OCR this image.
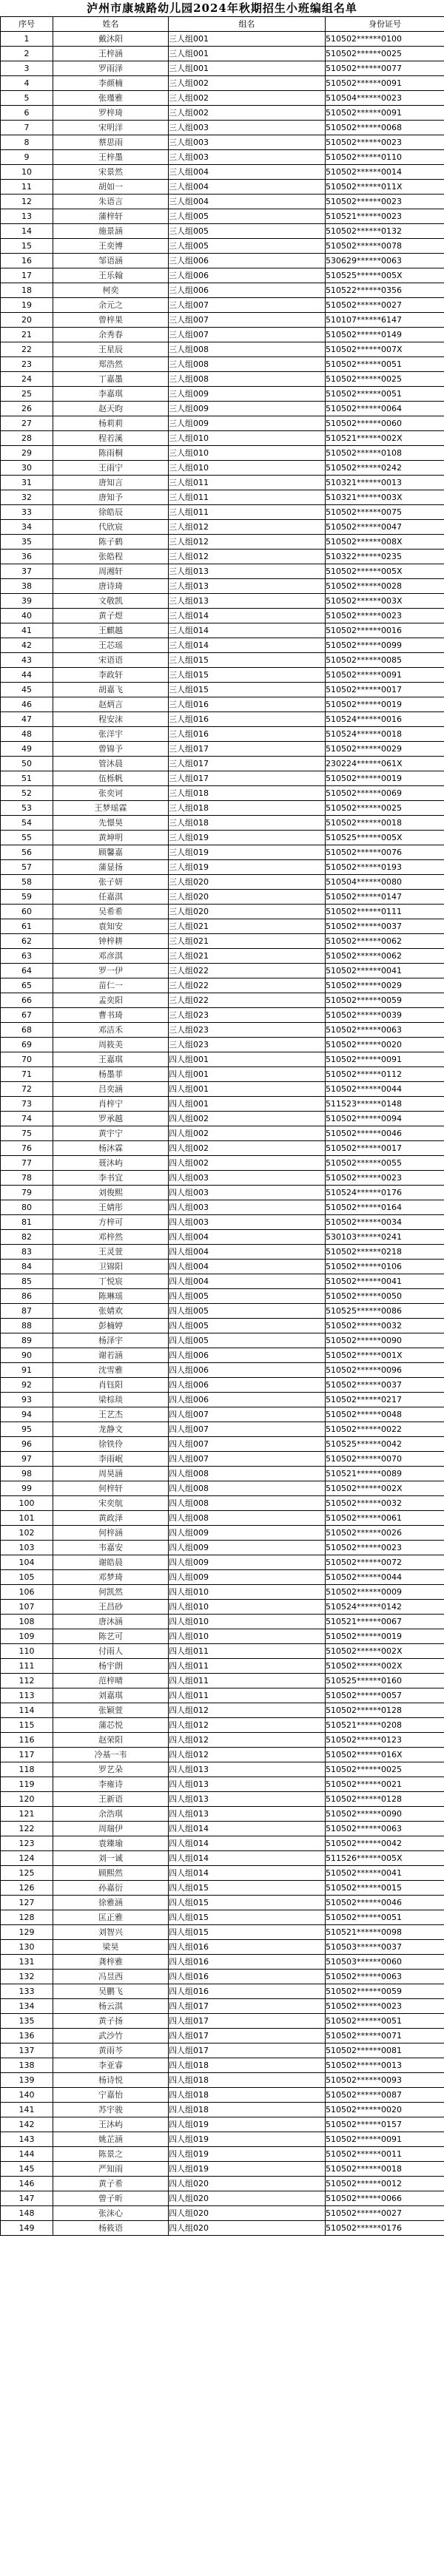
泸州市康城路幼儿园2024年秋期招生小班编组名单
序号	姓名	组名	身份证号
1	戴沐阳	三人组001	510502******0100
2	王梓涵	三人组001	510502******0025
3	罗雨泽	三人组001	510502******0077
4	李颜楠	三人组002	510502******0091
5	张瑾雅	三人组002	510504******0023
6	罗梓琦	三人组002	510502******0091
7	宋明洋	三人组003	510502******0068
8	蔡思雨	三人组003	510502******0023
9	王梓墨	三人组003	510502******0110
10	宋景然	三人组004	510502******0014
11	胡如一	三人组004	510502******011X
12	朱语言	三人组004	510502******0023
13	蒲梓轩	三人组005	510521******0023
14	施景涵	三人组005	510502******0132
15	王奕博	三人组005	510502******0078
16	邹语涵	三人组006	530629******0063
17	王乐翰	三人组006	510525******005X
18	柯奕	三人组006	510522******0356
19	余元之	三人组007	510502******0027
20	曾梓果	三人组007	510107******6147
21	余秀春	三人组007	510502******0149
22	王星辰	三人组008	510502******007X
23	郑浩然	三人组008	510502******0051
24	丁嘉墨	三人组008	510502******0025
25	李嘉琪	三人组009	510502******0051
26	赵天昀	三人组009	510502******0064
27	杨莉莉	三人组009	510502******0060
28	程若溪	三人组010	510521******002X
29	陈雨桐	三人组010	510502******0108
30	王雨宁	三人组010	510502******0242
31	唐知言	三人组011	510321******0013
32	唐知予	三人组011	510321******003X
33	徐皓辰	三人组011	510502******0075
34	代欣宸	三人组012	510502******0047
35	陈子鹤	三人组012	510502******008X
36	张皓程	三人组012	510322******0235
37	周湘轩	三人组013	510502******005X
38	唐诗琦	三人组013	510502******0028
39	文敬凯	三人组013	510502******003X
40	黄子煜	三人组014	510502******0023
41	王麒越	三人组014	510502******0016
42	王芯瑶	三人组014	510502******0099
43	宋语语	三人组015	510502******0085
44	李政轩	三人组015	510502******0091
45	胡嘉飞	三人组015	510502******0017
46	赵炳言	三人组016	510502******0019
47	程安沫	三人组016	510524******0016
48	张洋宇	三人组016	510524******0018
49	曾锦予	三人组017	510502******0029
50	管沐晨	三人组017	230224******061X
51	伍栎帆	三人组017	510502******0019
52	张奕诃	三人组018	510502******0069
53	王梦瑶霖	三人组018	510502******0025
54	先憬昊	三人组018	510502******0018
55	黄坤明	三人组019	510525******005X
56	顾馨嘉	三人组019	510502******0076
57	蒲显扬	三人组019	510502******0193
58	张子妍	三人组020	510504******0080
59	任嘉淇	三人组020	510502******0147
60	吴希希	三人组020	510502******0111
61	袁知安	三人组021	510502******0037
62	钟梓耕	三人组021	510502******0062
63	邓彦淇	三人组021	510502******0062
64	罗一伊	三人组022	510502******0041
65	苗仁一	三人组022	510502******0029
66	孟奕阳	三人组022	510502******0059
67	曹书琦	三人组023	510502******0039
68	邓洁禾	三人组023	510502******0063
69	周筱美	三人组023	510502******0020
70	王嘉琪	四人组001	510502******0091
71	杨墨菲	四人组001	510502******0112
72	吕奕涵	四人组001	510502******0044
73	肖梓宁	四人组001	511523******0148
74	罗承越	四人组002	510502******0094
75	黄宇宁	四人组002	510502******0046
76	杨沐霖	四人组002	510502******0017
77	聂沐屿	四人组002	510502******0055
78	李书宜	四人组003	510502******0023
79	刘俊熙	四人组003	510524******0176
80	王婧彤	四人组003	510502******0164
81	方梓可	四人组003	510502******0034
82	邓梓然	四人组004	530103******0241
83	王灵萱	四人组004	510502******0218
84	卫锦阳	四人组004	510502******0106
85	丁悦宸	四人组004	510502******0041
86	陈琳瑶	四人组005	510502******0050
87	张婧欢	四人组005	510525******0086
88	彭楠婷	四人组005	510502******0032
89	杨泽宇	四人组005	510502******0090
90	谢若涵	四人组006	510502******001X
91	沈雪雅	四人组006	510502******0096
92	肖钰阳	四人组006	510502******0037
93	梁棕琰	四人组006	510502******0217
94	王艺杰	四人组007	510502******0048
95	龙静文	四人组007	510502******0022
96	徐铁伶	四人组007	510525******0042
97	李雨岷	四人组007	510502******0070
98	周昊涵	四人组008	510521******0089
99	何梓轩	四人组008	510502******002X
100	宋奕航	四人组008	510502******0032
101	黄政泽	四人组008	510502******0061
102	何梓涵	四人组009	510502******0026
103	韦嘉安	四人组009	510502******0023
104	谢皓晨	四人组009	510502******0072
105	邓梦琦	四人组009	510502******0044
106	何凯然	四人组010	510502******0009
107	王昌砂	四人组010	510524******0142
108	唐沐涵	四人组010	510521******0067
109	陈艺可	四人组010	510502******0019
110	付雨人	四人组011	510502******002X
111	杨宇朗	四人组011	510502******002X
112	范梓晴	四人组011	510525******0160
113	刘嘉琪	四人组011	510502******0057
114	张颖萱	四人组012	510502******0128
115	蒲芯悦	四人组012	510521******0208
116	赵荣阳	四人组012	510502******0123
117	冷基一韦	四人组012	510502******016X
118	罗艺朵	四人组013	510502******0025
119	李雍诗	四人组013	510502******0021
120	王新语	四人组013	510502******0128
121	余浩琪	四人组013	510502******0090
122	周瑞伊	四人组014	510502******0063
123	袁臻瑜	四人组014	510502******0042
124	刘一诚	四人组014	511526******005X
125	顾熙然	四人组014	510502******0041
126	孙嘉衍	四人组015	510502******0015
127	徐雅涵	四人组015	510502******0046
128	匡正雅	四人组015	510502******0051
129	刘智兴	四人组015	510521******0098
130	梁昊	四人组016	510503******0037
131	龚梓雅	四人组016	510503******0060
132	冯昱西	四人组016	510502******0063
133	吴鹏飞	四人组016	510502******0059
134	杨云淇	四人组017	510502******0023
135	黄子扬	四人组017	510502******0051
136	武沙竹	四人组017	510502******0071
137	黄雨芩	四人组017	510502******0081
138	李亚睿	四人组018	510502******0013
139	杨诗悦	四人组018	510502******0093
140	宁嘉怡	四人组018	510502******0087
141	苏宇骏	四人组018	510502******0020
142	王沐屿	四人组019	510502******0157
143	姚芷涵	四人组019	510502******0091
144	陈景之	四人组019	510502******0011
145	严知雨	四人组019	510502******0018
146	黄子希	四人组020	510502******0012
147	曾子昕	四人组020	510502******0066
148	张沫心	四人组020	510502******0027
149	杨筱语	四人组020	510502******0176
